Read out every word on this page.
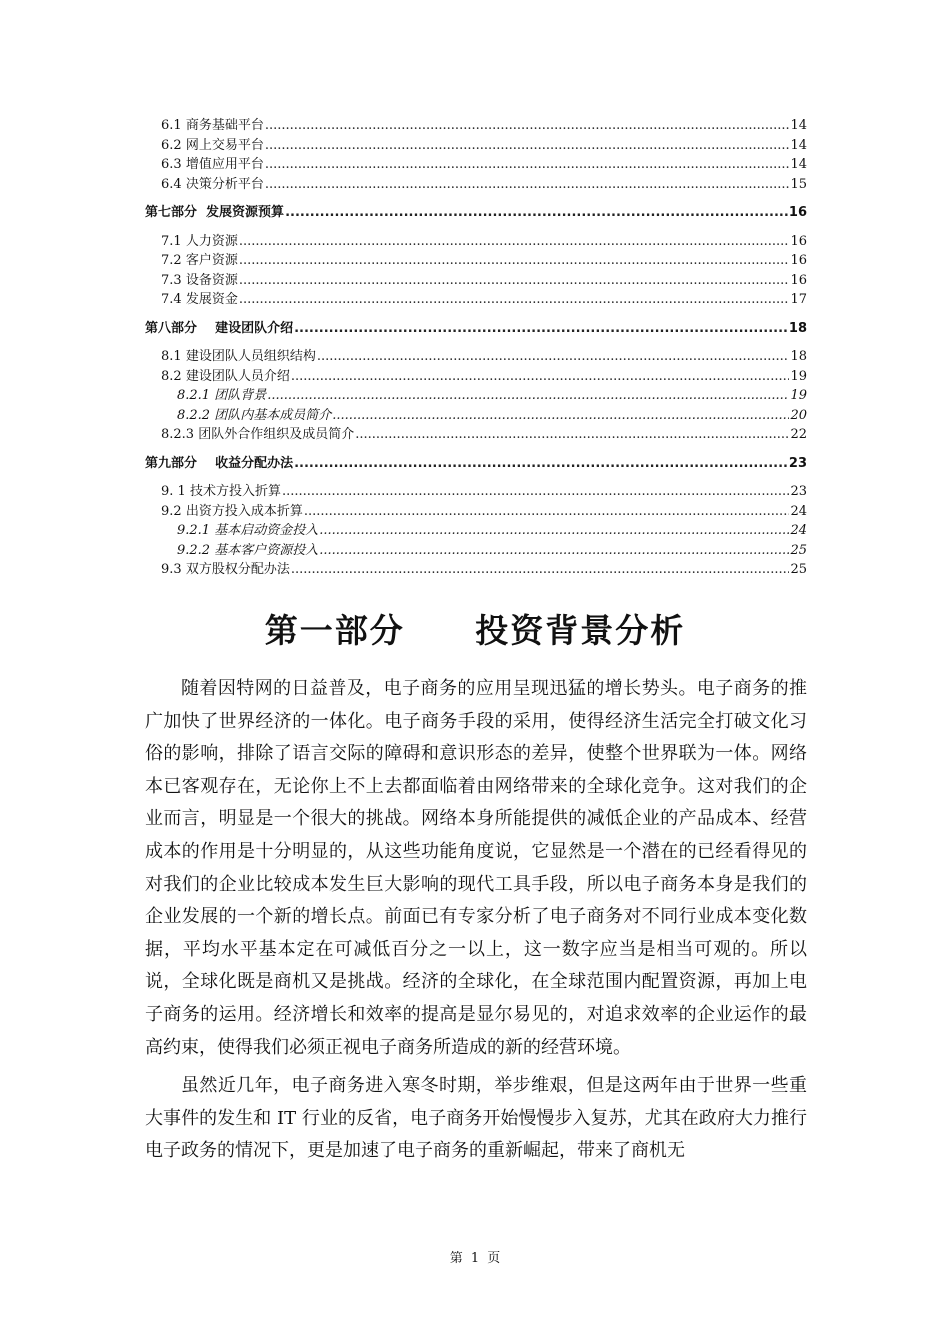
6.1 商务基础平台 .....	14
6.2 网上交易平台 .....	14
6.3 增值应用平台 .....	14
6.4 决策分析平台 .....	15
第七部分  发展资源预算 .....	16
7.1 人力资源 .....	16
7.2 客户资源 .....	16
7.3 设备资源 .....	16
7.4 发展资金 .....	17
第八部分    建设团队介绍 .....	18
8.1 建设团队人员组织结构 .....	18
8.2 建设团队人员介绍 .....	19
8.2.1 团队背景 .....	19
8.2.2 团队内基本成员简介 .....	20
8.2.3 团队外合作组织及成员简介 .....	22
第九部分    收益分配办法 .....	23
9. 1 技术方投入折算 .....	23
9.2 出资方投入成本折算 .....	24
9.2.1 基本启动资金投入 .....	24
9.2.2 基本客户资源投入 .....	25
9.3 双方股权分配办法 .....	25
第一部分   投资背景分析

随着因特网的日益普及，电子商务的应用呈现迅猛的增长势头。电子商务的推广加快了世界经济的一体化。电子商务手段的采用，使得经济生活完全打破文化习俗的影响，排除了语言交际的障碍和意识形态的差异，使整个世界联为一体。网络本已客观存在，无论你上不上去都面临着由网络带来的全球化竞争。这对我们的企业而言，明显是一个很大的挑战。网络本身所能提供的减低企业的产品成本、经营成本的作用是十分明显的，从这些功能角度说，它显然是一个潜在的已经看得见的对我们的企业比较成本发生巨大影响的现代工具手段，所以电子商务本身是我们的企业发展的一个新的增长点。前面已有专家分析了电子商务对不同行业成本变化数据，平均水平基本定在可减低百分之一以上，这一数字应当是相当可观的。所以说，全球化既是商机又是挑战。经济的全球化，在全球范围内配置资源，再加上电子商务的运用。经济增长和效率的提高是显尔易见的，对追求效率的企业运作的最高约束，使得我们必须正视电子商务所造成的新的经营环境。

虽然近几年，电子商务进入寒冬时期，举步维艰，但是这两年由于世界一些重大事件的发生和 IT 行业的反省，电子商务开始慢慢步入复苏，尤其在政府大力推行电子政务的情况下，更是加速了电子商务的重新崛起，带来了商机无

第 1 页
